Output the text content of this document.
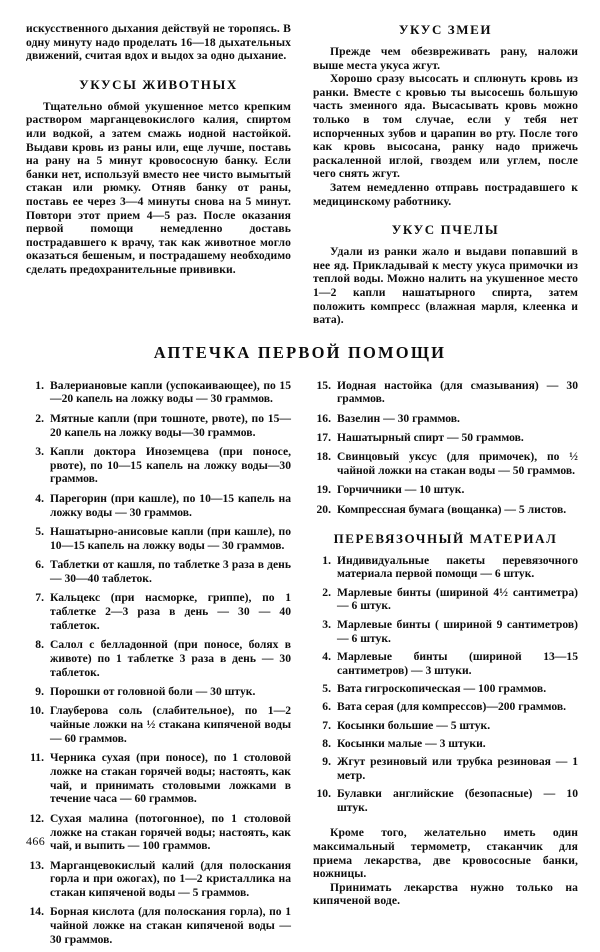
искусственного дыхания действуй не торопясь. В одну минуту надо проделать 16—18 дыхательных движений, считая вдох и выдох за одно дыхание.

УКУСЫ ЖИВОТНЫХ

Тщательно обмой укушенное метсо крепким раствором марганцевокислого калия, спиртом или водкой, а затем смажь иодной настойкой. Выдави кровь из раны или, еще лучше, поставь на рану на 5 минут кровососную банку. Если банки нет, используй вместо нее чисто вымытый стакан или рюмку. Отняв банку от раны, поставь ее через 3—4 минуты снова на 5 минут. Повтори этот прием 4—5 раз. После оказания первой помощи немедленно доставь пострадавшего к врачу, так как животное могло оказаться бешеным, и пострадашему необходимо сделать предохранительные прививки.

УКУС ЗМЕИ

Прежде чем обезвреживать рану, наложи выше места укуса жгут.

Хорошо сразу высосать и сплюнуть кровь из ранки. Вместе с кровью ты высосешь большую часть змеиного яда. Высасывать кровь можно только в том случае, если у тебя нет испорченных зубов и царапин во рту. После того как кровь высосана, ранку надо прижечь раскаленной иглой, гвоздем или углем, после чего снять жгут.

Затем немедленно отправь пострадавшего к медицинскому работнику.

УКУС ПЧЕЛЫ

Удали из ранки жало и выдави попавший в нее яд. Прикладывай к месту укуса примочки из теплой воды. Можно налить на укушенное место 1—2 капли нашатырного спирта, затем положить компресс (влажная марля, клеенка и вата).

АПТЕЧКА ПЕРВОЙ ПОМОЩИ
1. Валериановые капли (успокаивающее), по 15—20 капель на ложку воды — 30 граммов.
2. Мятные капли (при тошноте, рвоте), по 15—20 капель на ложку воды—30 граммов.
3. Капли доктора Иноземцева (при поносе, рвоте), по 10—15 капель на ложку воды—30 граммов.
4. Парегорин (при кашле), по 10—15 капель на ложку воды — 30 граммов.
5. Нашатырно-анисовые капли (при кашле), по 10—15 капель на ложку воды — 30 граммов.
6. Таблетки от кашля, по таблетке 3 раза в день — 30—40 таблеток.
7. Кальцекс (при насморке, гриппе), по 1 таблетке 2—3 раза в день — 30 — 40 таблеток.
8. Салол с белладонной (при поносе, болях в животе) по 1 таблетке 3 раза в день — 30 таблеток.
9. Порошки от головной боли — 30 штук.
10. Глауберова соль (слабительное), по 1—2 чайные ложки на ½ стакана кипяченой воды — 60 граммов.
11. Черника сухая (при поносе), по 1 столовой ложке на стакан горячей воды; настоять, как чай, и принимать столовыми ложками в течение часа — 60 граммов.
12. Сухая малина (потогонное), по 1 столовой ложке на стакан горячей воды; настоять, как чай, и выпить — 100 граммов.
13. Марганцевокислый калий (для полоскания горла и при ожогах), по 1—2 кристаллика на стакан кипяченой воды — 5 граммов.
14. Борная кислота (для полоскания горла), по 1 чайной ложке на стакан кипяченой воды — 30 граммов.
15. Иодная настойка (для смазывания) — 30 граммов.
16. Вазелин — 30 граммов.
17. Нашатырный спирт — 50 граммов.
18. Свинцовый уксус (для примочек), по ½ чайной ложки на стакан воды — 50 граммов.
19. Горчичники — 10 штук.
20. Компрессная бумага (вощанка) — 5 листов.
ПЕРЕВЯЗОЧНЫЙ МАТЕРИАЛ
1. Индивидуальные пакеты перевязочного материала первой помощи — 6 штук.
2. Марлевые бинты (шириной 4½ сантиметра) — 6 штук.
3. Марлевые бинты ( шириной 9 сантиметров) — 6 штук.
4. Марлевые бинты (шириной 13—15 сантиметров) — 3 штуки.
5. Вата гигроскопическая — 100 граммов.
6. Вата серая (для компрессов)—200 граммов.
7. Косынки большие — 5 штук.
8. Косынки малые — 3 штуки.
9. Жгут резиновый или трубка резиновая — 1 метр.
10. Булавки английские (безопасные) — 10 штук.

Кроме того, желательно иметь один максимальный термометр, стаканчик для приема лекарства, две кровососные банки, ножницы.

Принимать лекарства нужно только на кипяченой воде.

466
